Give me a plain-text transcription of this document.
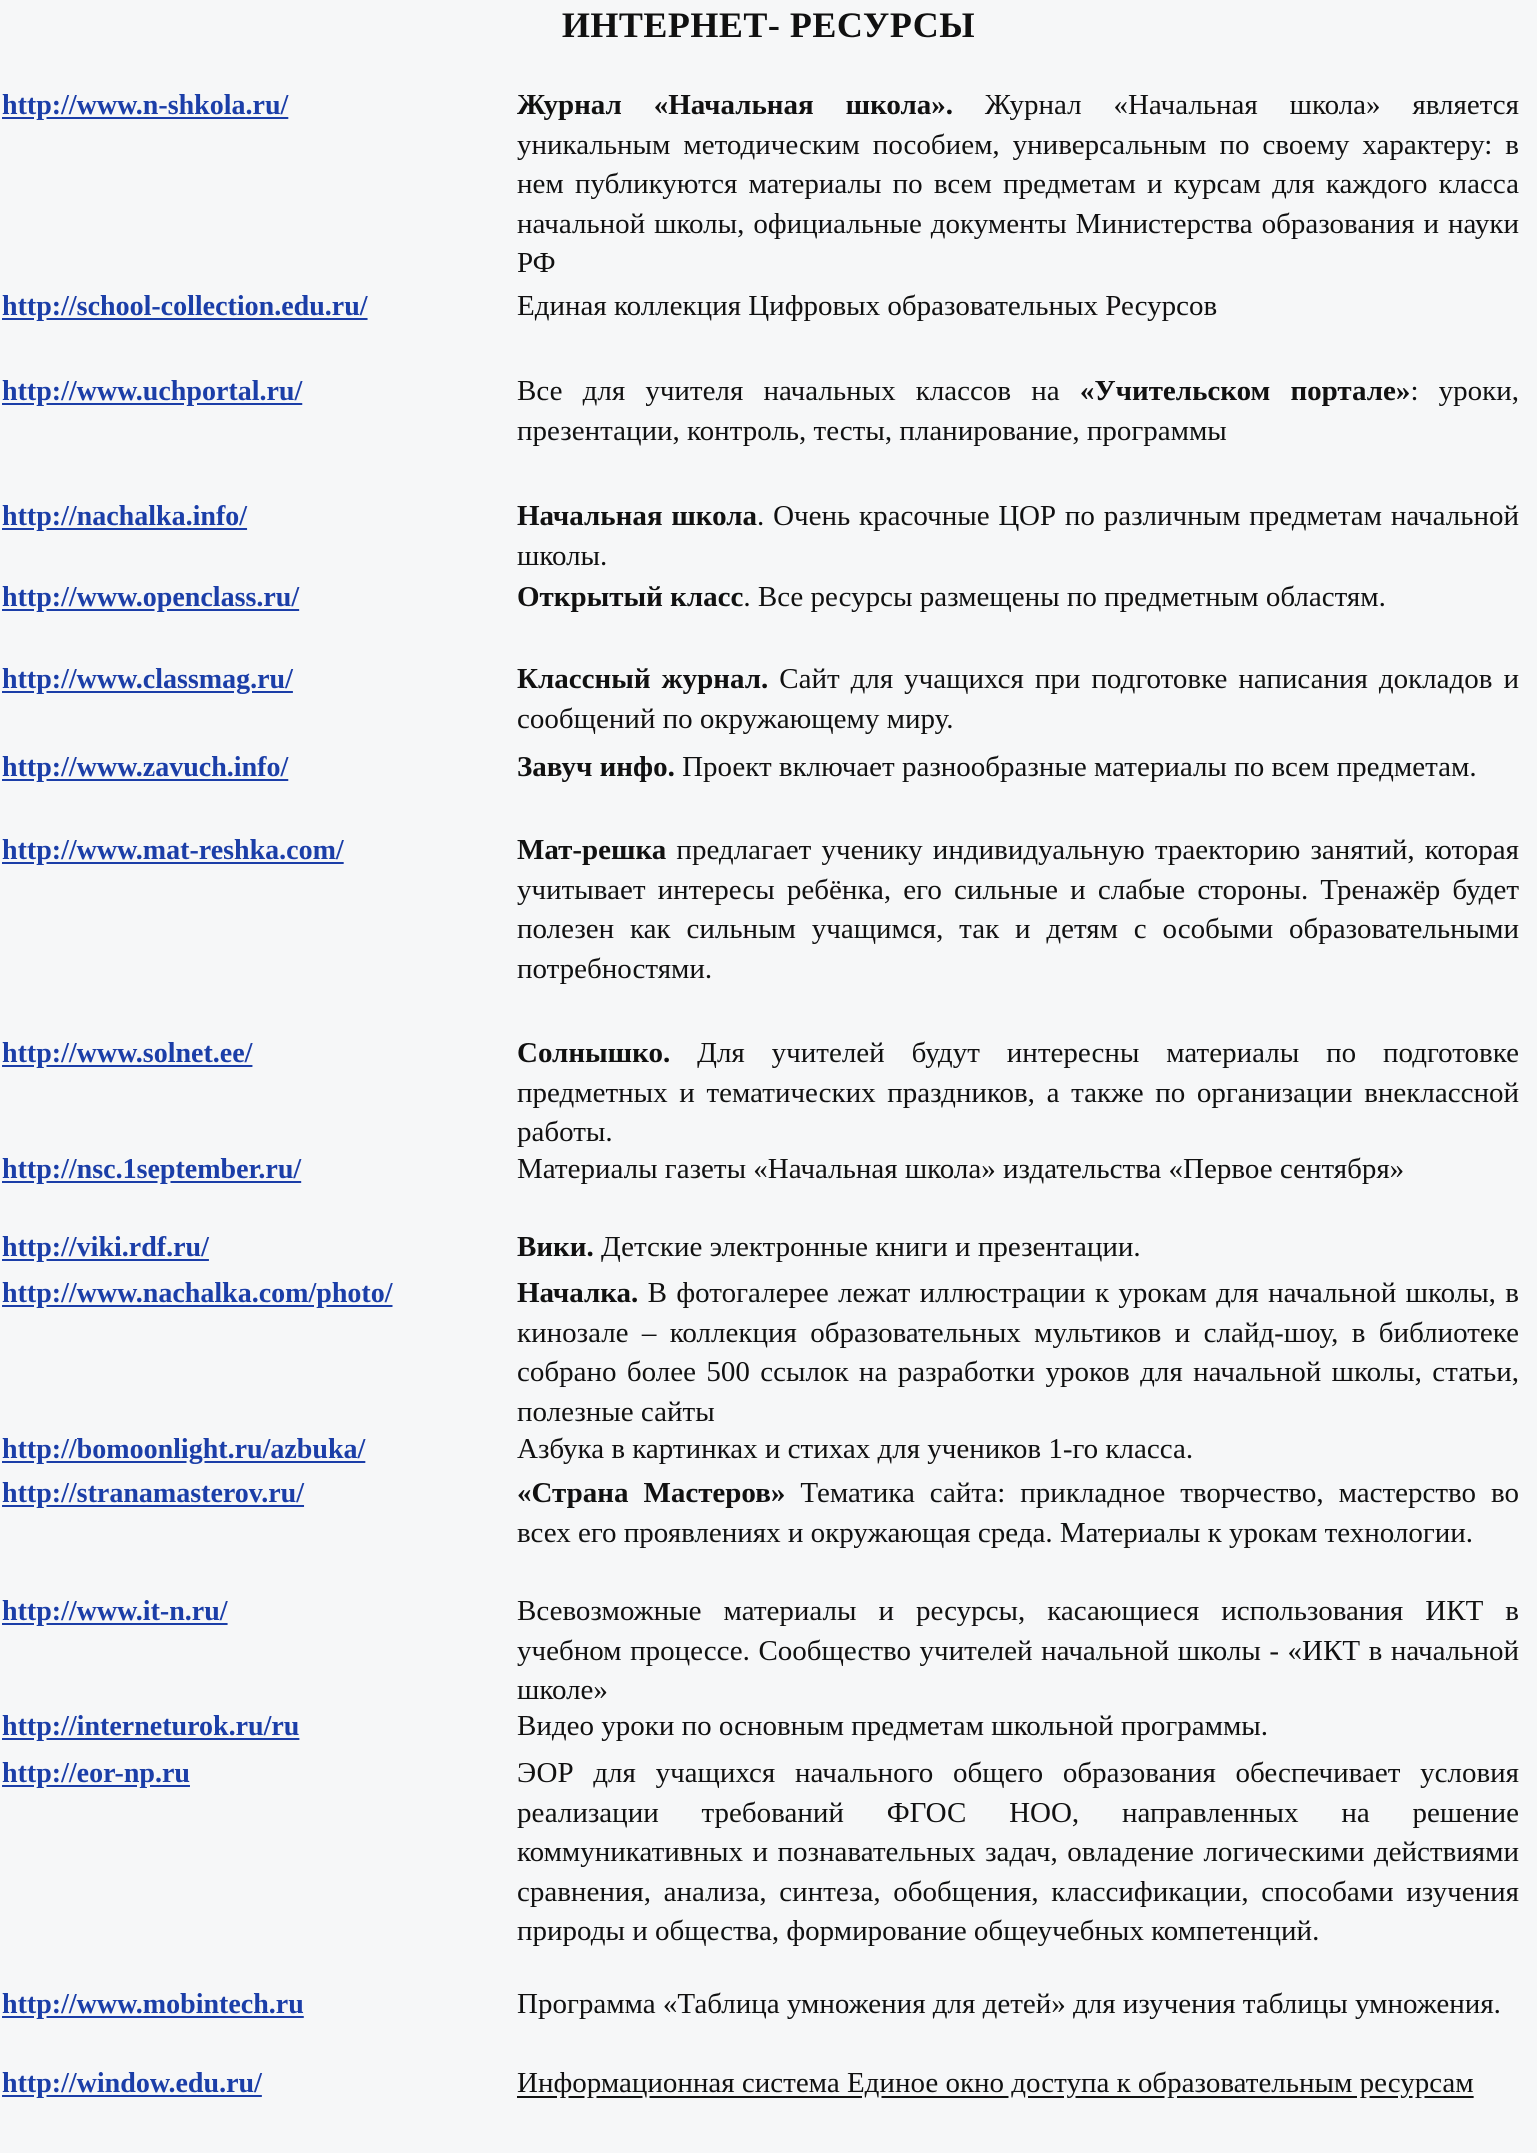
ИНТЕРНЕТ- РЕСУРСЫ
http://www.n-shkola.ru/	Журнал «Начальная школа». Журнал «Начальная школа» является уникальным методическим пособием, универсальным по своему характеру: в нем публикуются материалы по всем предметам и курсам для каждого класса начальной школы, официальные документы Министерства образования и науки РФ
http://school-collection.edu.ru/	Единая коллекция Цифровых образовательных Ресурсов
http://www.uchportal.ru/	Все для учителя начальных классов на «Учительском портале»: уроки, презентации, контроль, тесты, планирование, программы
http://nachalka.info/	Начальная школа. Очень красочные ЦОР по различным предметам начальной школы.
http://www.openclass.ru/	Открытый класс. Все ресурсы размещены по предметным областям.
http://www.classmag.ru/	Классный журнал. Сайт для учащихся при подготовке написания докладов и сообщений по окружающему миру.
http://www.zavuch.info/	Завуч инфо. Проект включает разнообразные материалы по всем предметам.
http://www.mat-reshka.com/	Мат-решка предлагает ученику индивидуальную траекторию занятий, которая учитывает интересы ребёнка, его сильные и слабые стороны. Тренажёр будет полезен как сильным учащимся, так и детям с особыми образовательными потребностями.
http://www.solnet.ee/	Солнышко. Для учителей будут интересны материалы по подготовке предметных и тематических праздников, а также по организации внеклассной работы.
http://nsc.1september.ru/	Материалы газеты «Начальная школа» издательства «Первое сентября»
http://viki.rdf.ru/	Вики. Детские электронные книги и презентации.
http://www.nachalka.com/photo/	Началка. В фотогалерее лежат иллюстрации к урокам для начальной школы, в кинозале – коллекция образовательных мультиков и слайд-шоу, в библиотеке собрано более 500 ссылок на разработки уроков для начальной школы, статьи, полезные сайты
http://bomoonlight.ru/azbuka/	Азбука в картинках и стихах для учеников 1-го класса.
http://stranamasterov.ru/	«Страна Мастеров» Тематика сайта: прикладное творчество, мастерство во всех его проявлениях и окружающая среда. Материалы к урокам технологии.
http://www.it-n.ru/	Всевозможные материалы и ресурсы, касающиеся использования ИКТ в учебном процессе. Сообщество учителей начальной школы - «ИКТ в начальной школе»
http://interneturok.ru/ru	Видео уроки по основным предметам школьной программы.
http://eor-np.ru	ЭОР для учащихся начального общего образования обеспечивает условия реализации требований ФГОС НОО, направленных на решение коммуникативных и познавательных задач, овладение логическими действиями сравнения, анализа, синтеза, обобщения, классификации, способами изучения природы и общества, формирование общеучебных компетенций.
http://www.mobintech.ru	Программа «Таблица умножения для детей» для изучения таблицы умножения.
http://window.edu.ru/	Информационная система Единое окно доступа к образовательным ресурсам
